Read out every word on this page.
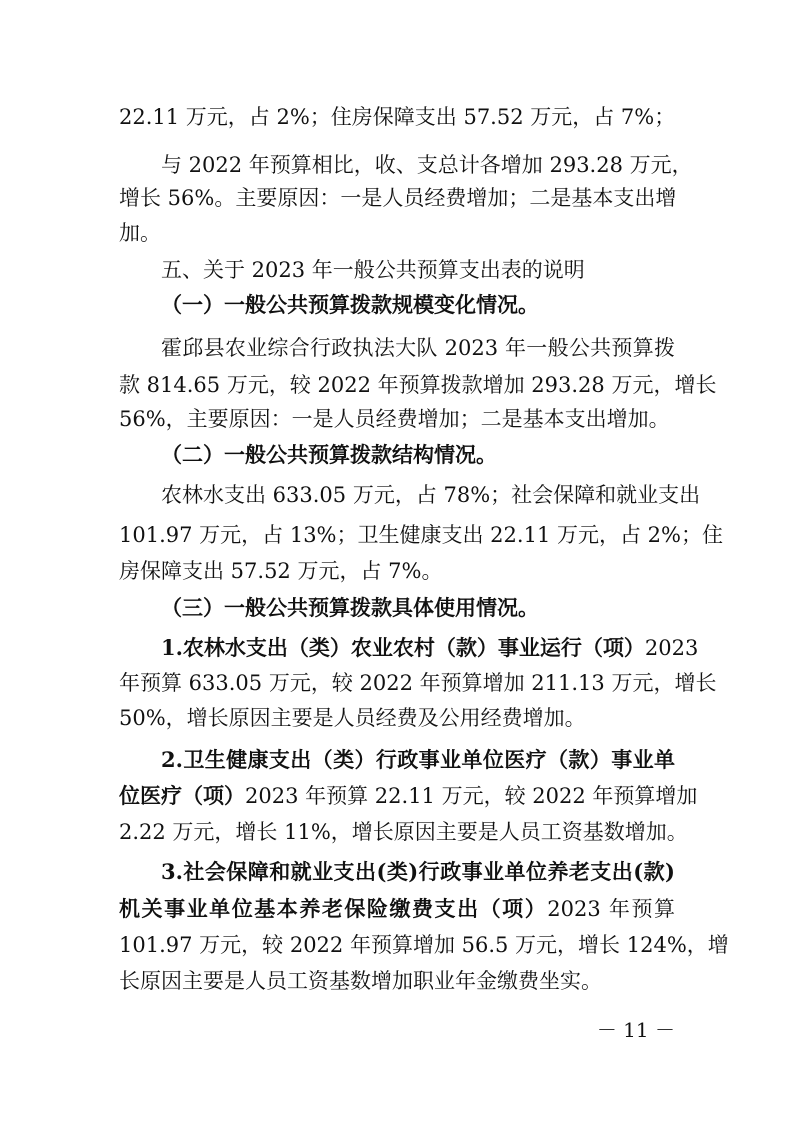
22.11 万元，占 2%；住房保障支出 57.52 万元，占 7%；
与 2022 年预算相比，收、支总计各增加 293.28 万元，
增长 56%。主要原因：一是人员经费增加；二是基本支出增
加。
五、关于 2023 年一般公共预算支出表的说明
（一）一般公共预算拨款规模变化情况。
霍邱县农业综合行政执法大队 2023 年一般公共预算拨
款 814.65 万元，较 2022 年预算拨款增加 293.28 万元，增长
56%，主要原因：一是人员经费增加；二是基本支出增加。
（二）一般公共预算拨款结构情况。
农林水支出 633.05 万元，占 78%；社会保障和就业支出
101.97 万元，占 13%；卫生健康支出 22.11 万元，占 2%；住
房保障支出 57.52 万元，占 7%。
（三）一般公共预算拨款具体使用情况。
1.农林水支出（类）农业农村（款）事业运行（项）2023
年预算 633.05 万元，较 2022 年预算增加 211.13 万元，增长
50%，增长原因主要是人员经费及公用经费增加。
2.卫生健康支出（类）行政事业单位医疗（款）事业单
位医疗（项）2023 年预算 22.11 万元，较 2022 年预算增加
2.22 万元，增长 11%，增长原因主要是人员工资基数增加。
3.社会保障和就业支出(类)行政事业单位养老支出(款)
机关事业单位基本养老保险缴费支出（项）2023 年预算
101.97 万元，较 2022 年预算增加 56.5 万元，增长 124%，增
长原因主要是人员工资基数增加职业年金缴费坐实。
－ 11 －
